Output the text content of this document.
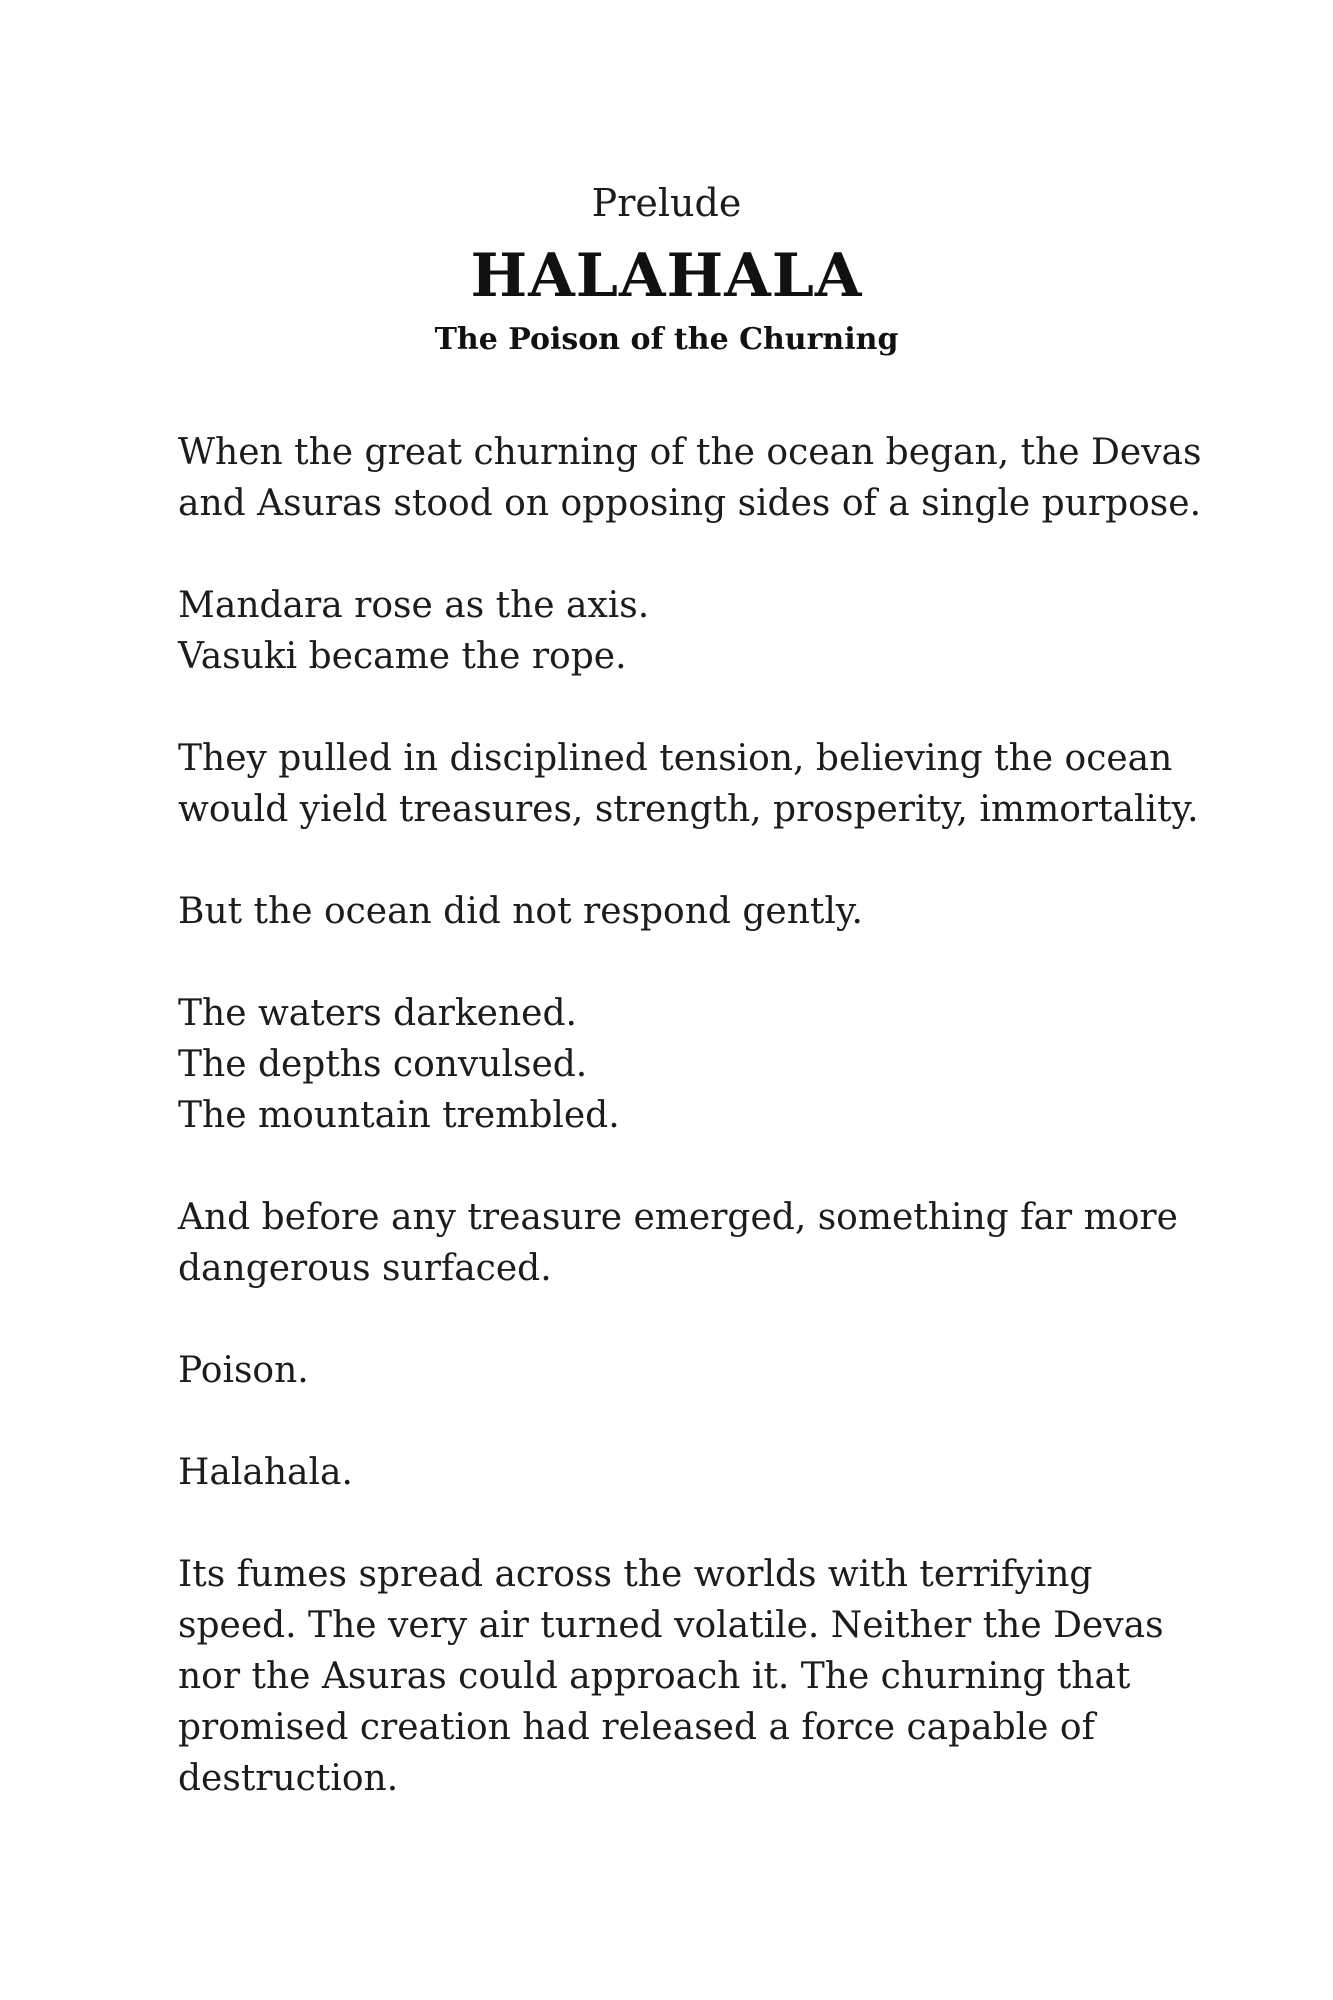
Prelude
HALAHALA
The Poison of the Churning

When the great churning of the ocean began, the Devas
and Asuras stood on opposing sides of a single purpose.

Mandara rose as the axis.
Vasuki became the rope.

They pulled in disciplined tension, believing the ocean
would yield treasures, strength, prosperity, immortality.

But the ocean did not respond gently.

The waters darkened.
The depths convulsed.
The mountain trembled.

And before any treasure emerged, something far more
dangerous surfaced.

Poison.

Halahala.

Its fumes spread across the worlds with terrifying
speed. The very air turned volatile. Neither the Devas
nor the Asuras could approach it. The churning that
promised creation had released a force capable of
destruction.
